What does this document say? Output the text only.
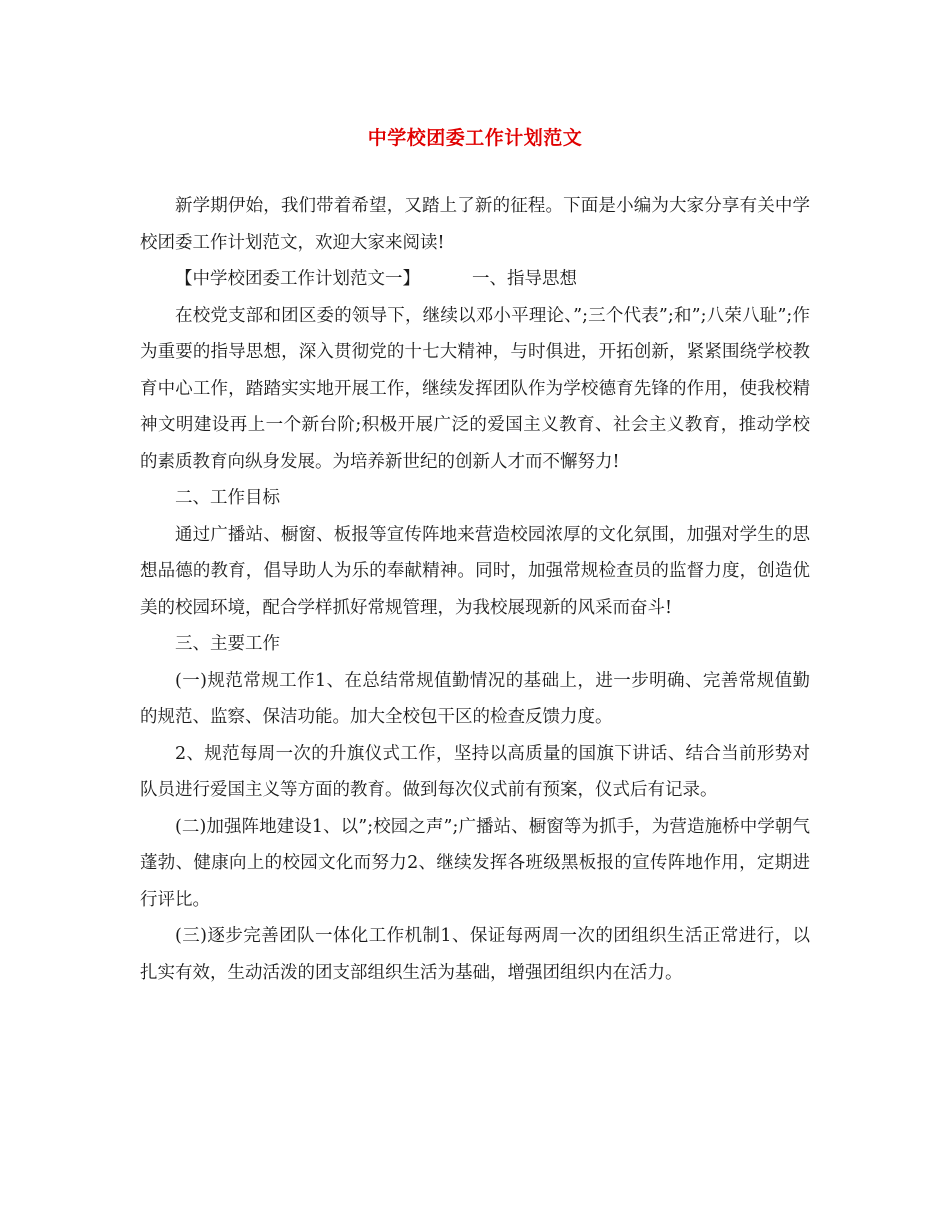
中学校团委工作计划范文

新学期伊始，我们带着希望，又踏上了新的征程。下面是小编为大家分享有关中学校团委工作计划范文，欢迎大家来阅读!

【中学校团委工作计划范文一】	一、指导思想

在校党支部和团区委的领导下，继续以邓小平理论、”;三个代表”;和”;八荣八耻”;作为重要的指导思想，深入贯彻党的十七大精神，与时俱进，开拓创新，紧紧围绕学校教育中心工作，踏踏实实地开展工作，继续发挥团队作为学校德育先锋的作用，使我校精神文明建设再上一个新台阶;积极开展广泛的爱国主义教育、社会主义教育，推动学校的素质教育向纵身发展。为培养新世纪的创新人才而不懈努力!

二、工作目标

通过广播站、橱窗、板报等宣传阵地来营造校园浓厚的文化氛围，加强对学生的思想品德的教育，倡导助人为乐的奉献精神。同时，加强常规检查员的监督力度，创造优美的校园环境，配合学样抓好常规管理，为我校展现新的风采而奋斗!

三、主要工作

(一)规范常规工作1、在总结常规值勤情况的基础上，进一步明确、完善常规值勤的规范、监察、保洁功能。加大全校包干区的检查反馈力度。

2、规范每周一次的升旗仪式工作，坚持以高质量的国旗下讲话、结合当前形势对队员进行爱国主义等方面的教育。做到每次仪式前有预案，仪式后有记录。

(二)加强阵地建设1、以”;校园之声”;广播站、橱窗等为抓手，为营造施桥中学朝气蓬勃、健康向上的校园文化而努力2、继续发挥各班级黑板报的宣传阵地作用，定期进行评比。

(三)逐步完善团队一体化工作机制1、保证每两周一次的团组织生活正常进行，以扎实有效，生动活泼的团支部组织生活为基础，增强团组织内在活力。
